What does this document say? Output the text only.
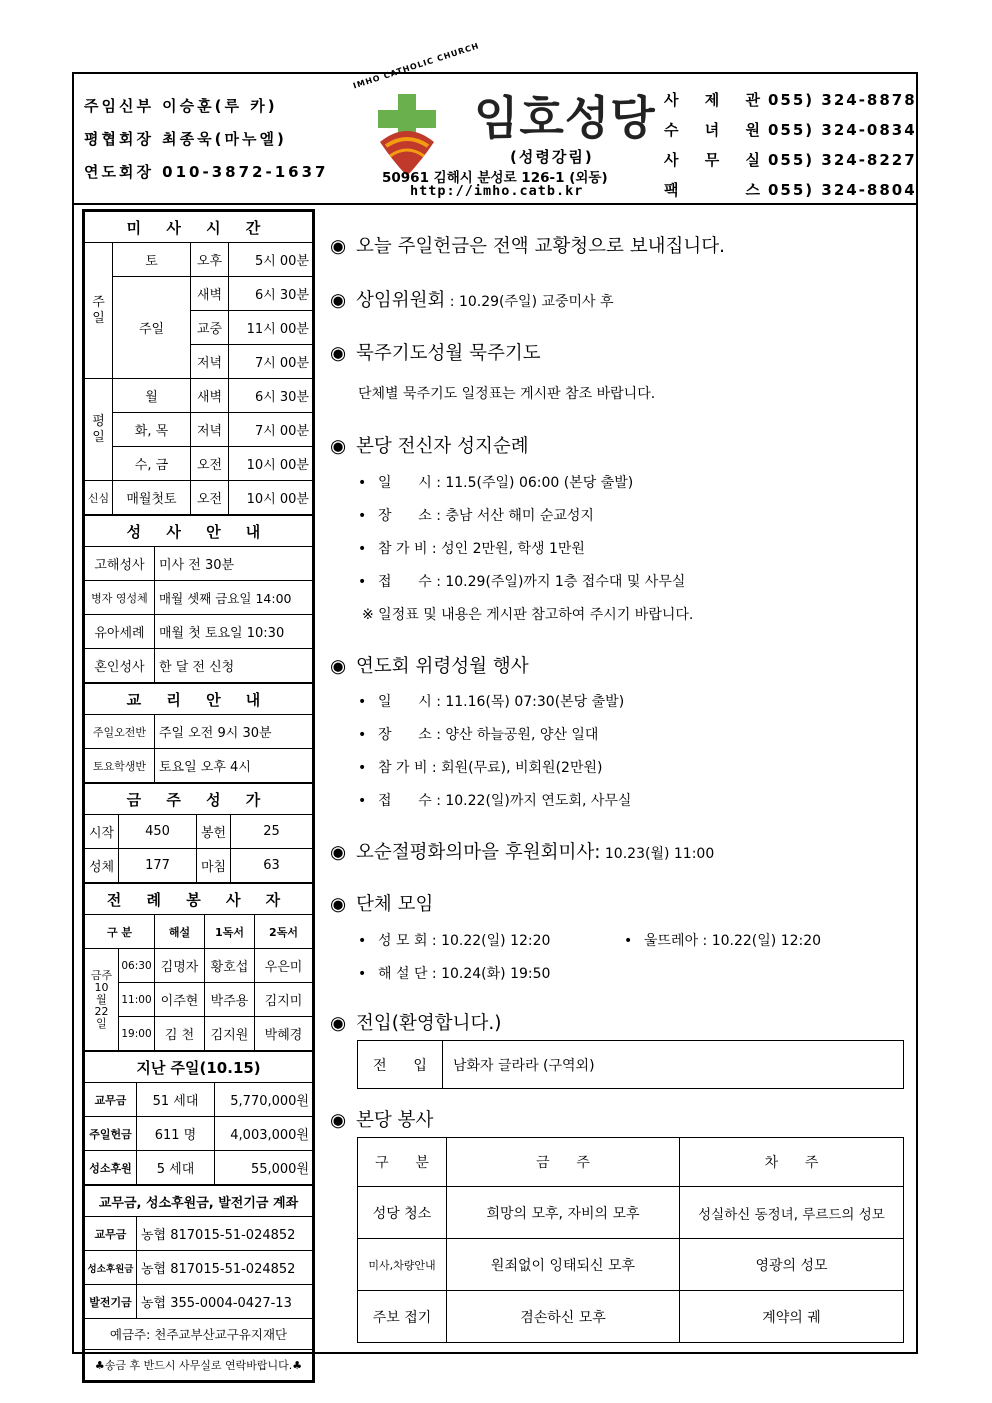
주임신부 이승훈(루 카)
평협회장 최종욱(마누엘)
연도회장 010-3872-1637
IMHO CATHOLIC CHURCH
임호성당
(성령강림)
50961 김해시 분성로 126-1 (외동)
http://imho.catb.kr
사 제 관 055) 324-8878
수 녀 원 055) 324-0834
사 무 실 055) 324-8227
팩	스 055) 324-8804
미 사 시 간			
주
일	토	오후	5시 00분
	주일	새벽	6시 30분
		교중	11시 00분
		저녁	7시 00분
평
일	월	새벽	6시 30분
	화, 목	저녁	7시 00분
	수, 금	오전	10시 00분
신심	매월첫토	오전	10시 00분
성 사 안 내	
고해성사	미사 전 30분
병자 영성체	매월 셋째 금요일 14:00
유아세례	매월 첫 토요일 10:30
혼인성사	한 달 전 신청
교 리 안 내	
주일오전반	주일 오전 9시 30분
토요학생반	토요일 오후 4시
금 주 성 가			
시작	450	봉헌	25
성체	177	마침	63
전 례 봉 사 자				
구 분		해설	1독서	2독서

금주
10
월
22
일	06:30	김명자	황호섭	우은미
	11:00	이주현	박주용	김지미
	19:00	김 천	김지원	박혜경
지난 주일(10.15)		
교무금	51 세대	5,770,000원
주일헌금	611 명	4,003,000원
성소후원	5 세대	55,000원
교무금, 성소후원금, 발전기금 계좌	
교무금	농협 817015-51-024852
성소후원금	농협 817015-51-024852
발전기금	농협 355-0004-0427-13
예금주: 천주교부산교구유지재단	
♣송금 후 반드시 사무실로 연락바랍니다.♣	
◉ 오늘 주일헌금은 전액 교황청으로 보내집니다.
◉ 상임위원회 : 10.29(주일) 교중미사 후
◉ 묵주기도성월 묵주기도
단체별 묵주기도 일정표는 게시판 참조 바랍니다.
◉ 본당 전신자 성지순례
• 일      시 : 11.5(주일) 06:00 (본당 출발)
• 장      소 : 충남 서산 해미 순교성지
• 참 가 비 : 성인 2만원, 학생 1만원
• 접      수 : 10.29(주일)까지 1층 접수대 및 사무실
※ 일정표 및 내용은 게시판 참고하여 주시기 바랍니다.
◉ 연도회 위령성월 행사
• 일      시 : 11.16(목) 07:30(본당 출발)
• 장      소 : 양산 하늘공원, 양산 일대
• 참 가 비 : 회원(무료), 비회원(2만원)
• 접      수 : 10.22(일)까지 연도회, 사무실
◉ 오순절평화의마을 후원회미사: 10.23(월) 11:00
◉ 단체 모임
• 성 모 회 : 10.22(일) 12:20	• 울뜨레아 : 10.22(일) 12:20
• 해 설 단 : 10.24(화) 19:50
◉ 전입(환영합니다.)
전      입	남화자 글라라 (구역외)
◉ 본당 봉사
구      분	금      주	차      주
성당 청소	희망의 모후, 자비의 모후	성실하신 동정녀, 루르드의 성모
미사,차량안내	원죄없이 잉태되신 모후	영광의 성모
주보 접기	겸손하신 모후	계약의 궤
